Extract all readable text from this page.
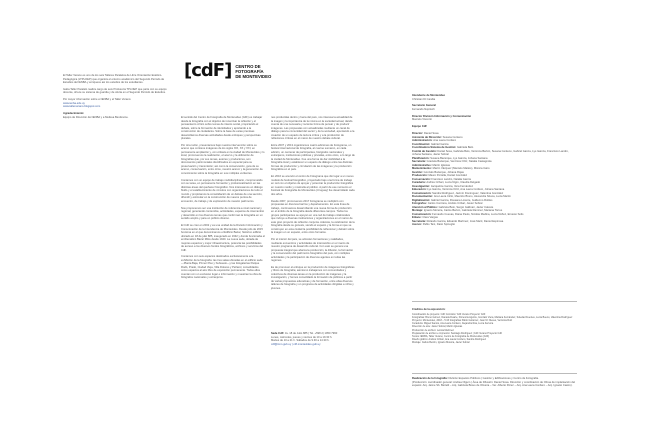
El Taller Verano es uno de los seis Talleres Paralelos de Libre Orientación Estético-Pedagógica (LTPLOEP) que organiza el entorno académico del Segundo Período de Estudios del IENBA y enriquece así los estudios de los estudiantes.

Gaba Taller Paralelo realiza cargo de seis Profesoría TPLOEP que parte con su equipo docente, ofrece su sistema de guardia y de oferta en el Segundo Período de Estudios.

Por mayor información sobre el IENBA y el Taller Verano:
www.ienba.edu.uy
www.tallerverano.blogspot.com

Agradecimiento:
Equipo de Dirección del IENBA y a Melissa Bendevine.

[cdF] CENTRO DE
FOTOGRAFÍA
DE MONTEVIDEO

El sentido del Centro de Fotografía de Montevideo (CdF) es trabajar desde la fotografía con el objetivo de incentivar la reflexión y el pensamiento crítico sobre temas de interés social, propiciando el debate, sobre la formación de identidades y aportando a la construcción de ciudadanía. Sobre la base de estas premisas desarrollamos diversas actividades desde enfoques y perspectivas plurales.

Por otra razón, presentamos bajo nuestra intervención sobre su acervo que contiene imágenes de los siglos XIX, XX y XXI, en permanente ampliación y, con énfasis en la ciudad de Montevideo y lo local, promovemos la realización, el acervo y la utilización de fotografías que, por sus temas, autores y productores, son documentos patrimoniales identificados en especial para su preservación y transmisión; así como la conservación, guía de su acervo, conservación, entre otros, nuestro acervo y la generación de conocimiento sobre la fotografía en sus múltiples vertientes.

Contamos con un equipo de trabajo multidisciplinario, comprometido con su tarea, en permanente formación y profesionalización en las distintas áreas del quehacer fotográfico. Nos interesamos en diálogo fluido y el establecimiento de vínculos con organizaciones de todo el mundo y propiciamos la consolidación de un debate de una sección, difundir y estimular en la construcción de nuevos puntos de encuentro, de trabajo y de exploración de nuestro patrimonio.

Nos proponemos ser una institución de referencia a nivel nacional y regional, generando contenidos, actividades, espacios de intercambio y desarrollo en los diversos temas que conforman la fotografía en un sentido amplio y para un público diverso.

El CdF se creó en 2002 y es una unidad de la División Información y Comunicación de la Intendencia de Montevideo. Desde julio de 2015 funciona en el que denominamos el Edificio Bazar, histórico edificio ubicado en 18 de julio 885, inaugurado en 1932 y donde funcionaba el emblemático Bazar Mitre desde 1940. La nueva sede, dotada de mejores espacios y mejor infraestructura, potencia las posibilidades de acceso a los diversos fondos fotográficos, archivos y servicios del CdF.

Contamos con seis espacios destinados exclusivamente a la exhibición de la fotografía: las tres salas ubicadas en el edificio sede—Planta Baja, Primer Piso y Subsuelo—y las fotogalerías Parque Rodó, Prado, Ciudad Vieja, Villa Dolores y Peñarol, consolidados como espacios al aire libre de exposición permanente. Todos ellos cuentan con un exclusivo lugar e información y muestran la obra de fotógrafos nacionales y extranjeros.

nes producidas dentro y fuera del país, nos interesa la actualidad de la imagen y la importancia de la misma en la sociedad actual, dando cuenta de una necesaria y reciente forma de pensar y de producir imágenes. Las propuestas con actualizadas mediante un canal de diálogo para la comunidad del sector y de la sociedad, apuntando a la creación de un espacio de lectura crítica y a la producción de reflexiones críticas en el marco de nuestro debate cultural.

Entre 2007 y 2013 organizamos cuatro ediciones de Fotograma, un festival internacional de fotografía, al cual se sumaron, en cada edición, un centenar de participantes, fotógrafos nacionales y extranjeros, instituciones públicas y privadas, entre otros, a lo largo de la ciudad de Montevideo. Fue una forma de dar visibilidad a la fotografía local y establecer un espacio de diálogo entre las distintas formas de producción y circulación de las imágenes y la producción fotográfica en el país.

En 2016 se anunció el centro de Fotograma que dio lugar a un nuevo modelo de festival fotográfico, proyectado bajo una forma de trabajo en red con el objetivo de apoyar y potenciar la producción fotográfica en nuestro medio y mostrarla al público. A partir de ese momento el Festival de Fotografía de Montevideo (Uruguay) fue desarrollado cada dos años.

Desde 2007, promovemos 2017 Fotograma se multiplicó con propuestas en diversos barrios y departamentos. En esta línea de trabajo, continuamos desarrollando una nueva forma de producción en el ámbito de la fotografía desde diferentes campos. Todos los grupos participantes se apoyan en una red de trabajo colaborativa que incluye a diversas instituciones y organizaciones en el marco de este gran proyecto de reflexión conjunta. Además, la celebración de la fotografía desde su génesis, siendo el espacio y la forma en que se construyen en esta ciudad la posibilidad de reflexionar y debatir sobre la imagen en un espacio, entre otros formatos.

Por el interior del país, se articulan formaciones y realidades, mediante encuentros y actividades de intercambio en el marco de nuestro programa de desarrollo cultural. Con esto se genera una propuesta integral que abarca la producción, la difusión, la formación y la conservación del patrimonio fotográfico del país, con múltiples actividades y la participación de diversos agentes en todas las regiones.

Es de promover el enfoque en la producción de imágenes fotográficas y libros de fotografía; asimismo trabajamos con comunidades y colectivos de diversas áreas en la producción de imágenes y la investigación, y hemos consolidado la formación de públicos a partir de varias propuestas educativas y de formación, entre ellas diversos talleres de fotografía y un programa de actividades dirigidas a niños y jóvenes.

Sede CdF: Av. 18 de Julio 885 | Tel. +598 2) 1950 7960
Lunes, miércoles, jueves y viernes de 10 a 19.30 h.
Martes de 10 a 21 h. Sábados de 9.30 a 14.30 h.
cdf@imm.gub.uy | cdf.montevideo.gub.uy

Intendente de Montevideo
Christian Di Candia

Secretario General
Fernando Nopitsch

Director División Información y Comunicación
Marcelo Visconti

Equipo CdF
Director: Daniel Sosa
Asistente de Dirección: Susana Centeno
Administración: Ana Laura Cordero
Coordinación: Gabriel García
Coordinadora Sistema de Gestión: Gabriela Belo
Comité de Gestión: Daniel Sosa, Gabriela Belo, Verónica Bertón, Susana Centeno, Gabriel García, Lys Gainza, Francisco Landro, Johana Santana, Javier Sobral
Planificación: Susana Bazerque, Lys Gainza, Johana Santana
Secretaría: Graciela Bazerque, Verónica Ortiz, Natalia Castagnola
Administrativo: Martín Iglesias
Mantenimiento: Martín Vázquez (Marcelo Mattos), Mónica Cairo
Gestión: Gonzalo Bazerque, Johana Rojas
Producción: Mauro Portella, Daniel González
Conservación: Francisco Landro, Natalia García
Curaduría: Andrés Cribari, Lucía Nigro, Claudia Delgado
Investigación: Jacqueline García, Vera Fernández
Educación: Lys Gainza, Verónica Ortiz, Ana Laura Cordero, Johana Santana
Comunicación: Sandra Rodríguez, Jazmín Domínguez, Valentina González
Documentación: Ana Laura Cirilo, Mauricio Bruno, Alexandra Nóvoa, Lucia Martín
Digitalización: Gabriel García, Rossana Lorente, Guillermo Robles
Fotógrafos: Carlos Contrera, Andrés Cribari, Javier Sobral
Atención al Público: Gabriela Belo, Sergio Gallinari, Javier Calvete
Montaje: Ignacio Moreira, Carlos Bertón, Gabriela Ramírez, Mariana Torres
Comunicación: Fernando Cuevas, Diana Paulo, Nicolás Medina, Lucía Núñez, Ernesto Solis
Enlace: Clara Vargas
Secretaría: Rolando García, Eduardo Martínez, José Martí, Daniel Espinosa
Acervo: Pablo Tani, Dario Spinoglio

Créditos de la exposición:

Coordinación de proyecto: CdF Comisión 'CdF Verano Proyecto' CdF

Fotografías: Bruno Gómez, Daniela Duarte, Florencia Aguirre, Gonzalo Viera, Mariana Fernández, Soledad Fuentes, Lucía Bueno, Valentina Rodríguez

Proyecto: Montevideo, 2018 – 5:43 fotografías Pablo Gutiérrez, Juan M. Nieves, Verónica Ruiz

Curaduría: Miguel Santos, Ana Laura Cordero, Alejandra Roa, Lucía Ferreira

Dirección de arte: Javier Sobral, Martín Iglesias

Producción de archivo: Leticia Martínez

Preparación de archivo e impresión: Santiago Rodríguez | CdF Verano Proyecto CdF

Textos: IENBA, Taller Verano, Centro de Fotografía de Montevideo (CdF)

Diseño gráfico: Andrés Cribari, Ana Laura Cordero, Sandra Rodríguez

Montaje: Carlos Bertón, Ignacio Moreira, Javier Sobral

Realización de la fotografía: División Espacios Públicos | Gestión y Edificaciones y Centro de Fotografía.

(Producción: coordinador general: Andrea Olguín | Área de Difusión: Daniel Sosa. Dirección y coordinación de Obras de implantación del espacio: Arq. Jaime Sb. Bertelli – Arq. Gabriela Bravo de Oliveira – Ver. Alberto Pérez – Arq. Ana Laura Cordero – Arq. Ignacio Castro).
